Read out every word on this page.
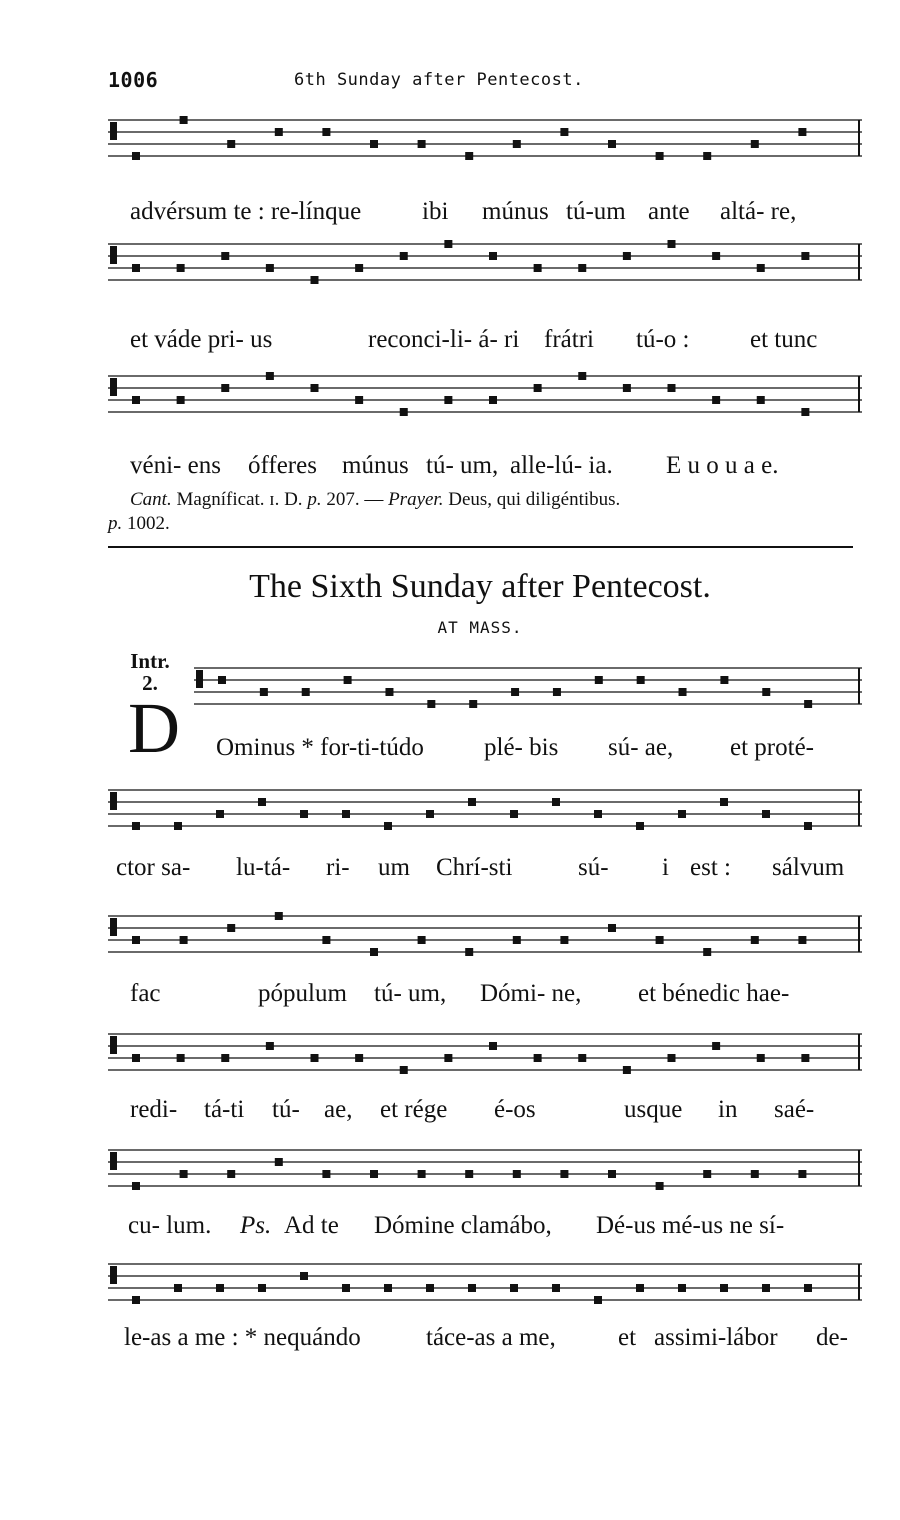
1006	6th Sunday after Pentecost.

advérsum te : re-línque

ibi

múnus

tú-um

ante

altá- re,

et váde pri- us

	reconci-li- á- ri

frátri

tú-o :

et tunc

véni- ens

ófferes

múnus

tú- um,

alle-lú- ia.

E u o u a e.

Cant. Magníficat. ɪ. D. p. 207. — Prayer. Deus, qui diligéntibus.
p. 1002.
The Sixth Sunday after Pentecost.
AT MASS.
Intr.
2.
D

Ominus * for-ti-túdo

plé- bis

sú- ae,

et proté-

ctor sa-

lu-tá-

ri-

um

Chrí-sti

	sú-

i

est :

sálvum

fac

	pópulum

tú- um,

Dómi- ne,

et bénedic hae-

redi-

tá-ti

tú-

ae,

et rége

é-os

	usque

in

saé-

cu- lum.

Ps.

Ad te

Dómine clamábo,

Dé-us mé-us ne sí-

le-as a me : * nequándo

	táce-as a me,

et

assimi-lábor

de-
